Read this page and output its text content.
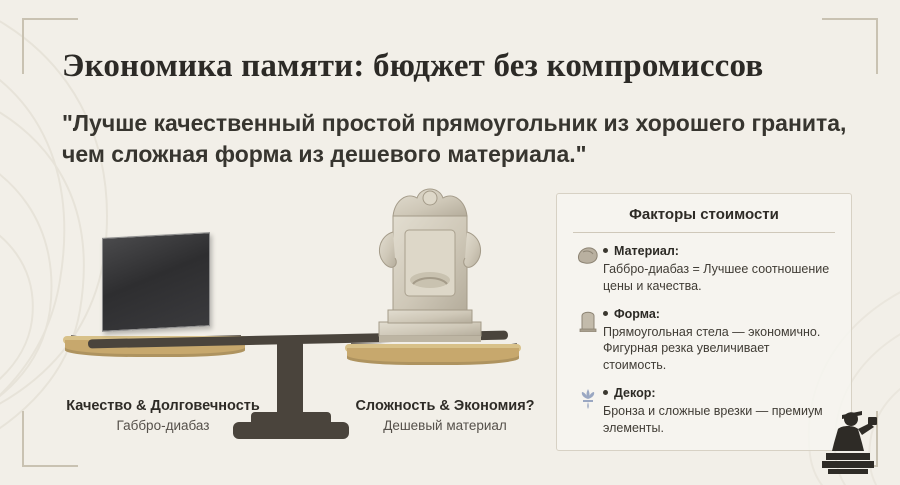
Экономика памяти: бюджет без компромиссов
"Лучше качественный простой прямоугольник из хорошего гранита, чем сложная форма из дешевого материала."
Качество & Долговечность
Габбро-диабаз
Сложность & Экономия?
Дешевый материал
Факторы стоимости
Материал:
Габбро-диабаз = Лучшее соотношение цены и качества.
Форма:
Прямоугольная стела — экономично. Фигурная резка увеличивает стоимость.
Декор:
Бронза и сложные врезки — премиум элементы.
